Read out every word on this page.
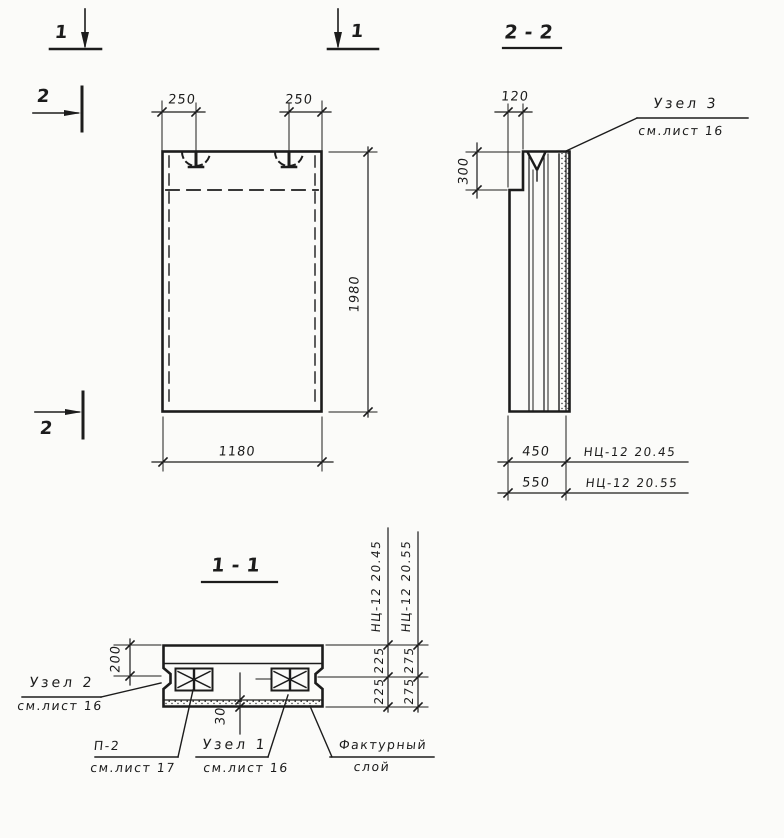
1	1
2
2
250	250
1180
1980
2-2
120
300
Узел 3
см.лист 16
450	НЦ-12 20.45
550	НЦ-12 20.55
1-1
200
30
НЦ-12 20.45 НЦ-12 20.55
225
225
275
275
Узел 2
см.лист 16
П-2
см.лист 17
Узел 1
см.лист 16
Фактурный
слой
